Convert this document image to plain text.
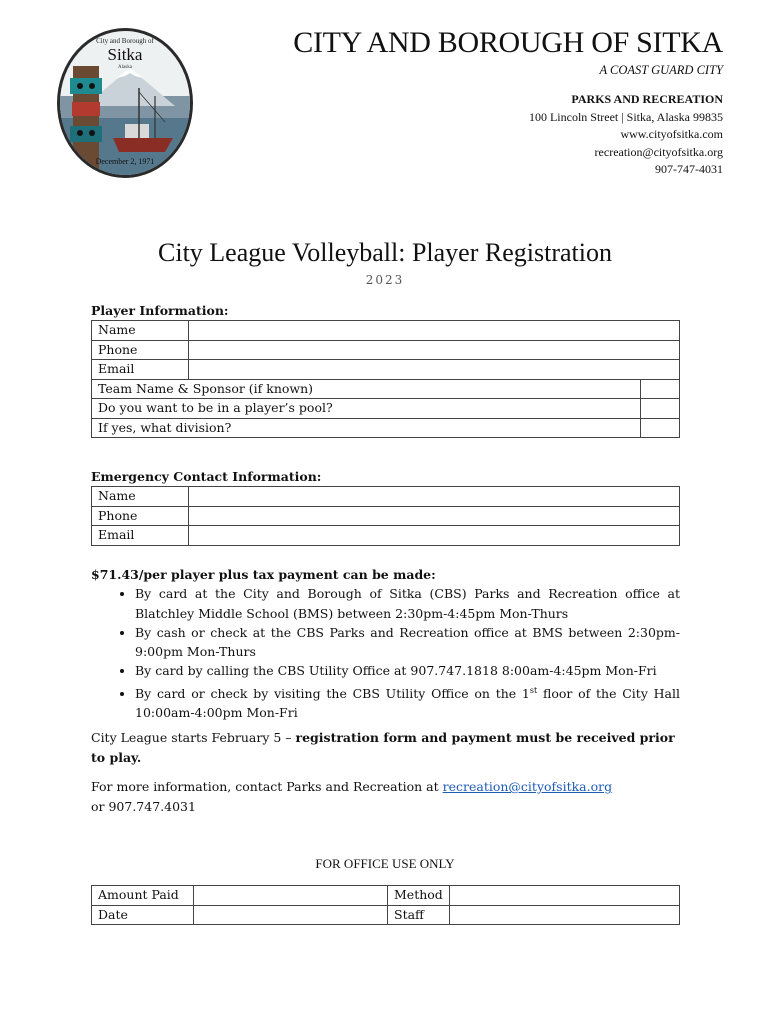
City and Borough of
Sitka
Alaska
December 2, 1971
CITY AND BOROUGH OF SITKA
A COAST GUARD CITY
PARKS AND RECREATION
100 Lincoln Street | Sitka, Alaska 99835
www.cityofsitka.com
recreation@cityofsitka.org
907-747-4031
City League Volleyball: Player Registration
2023
Player Information:
Name		
Phone		
Email		
Team Name & Sponsor (if known)		
Do you want to be in a player’s pool?		
If yes, what division?		
Emergency Contact Information:
Name	
Phone	
Email	
$71.43/per player plus tax payment can be made:
• By card at the City and Borough of Sitka (CBS) Parks and Recreation office at Blatchley Middle School (BMS) between 2:30pm-4:45pm Mon-Thurs
• By cash or check at the CBS Parks and Recreation office at BMS between 2:30pm-9:00pm Mon-Thurs
• By card by calling the CBS Utility Office at 907.747.1818 8:00am-4:45pm Mon-Fri
• By card or check by visiting the CBS Utility Office on the 1st floor of the City Hall 10:00am-4:00pm Mon-Fri
City League starts February 5 – registration form and payment must be received prior to play.
For more information, contact Parks and Recreation at recreation@cityofsitka.org
or 907.747.4031
FOR OFFICE USE ONLY
Amount Paid		Method	
Date		Staff	
